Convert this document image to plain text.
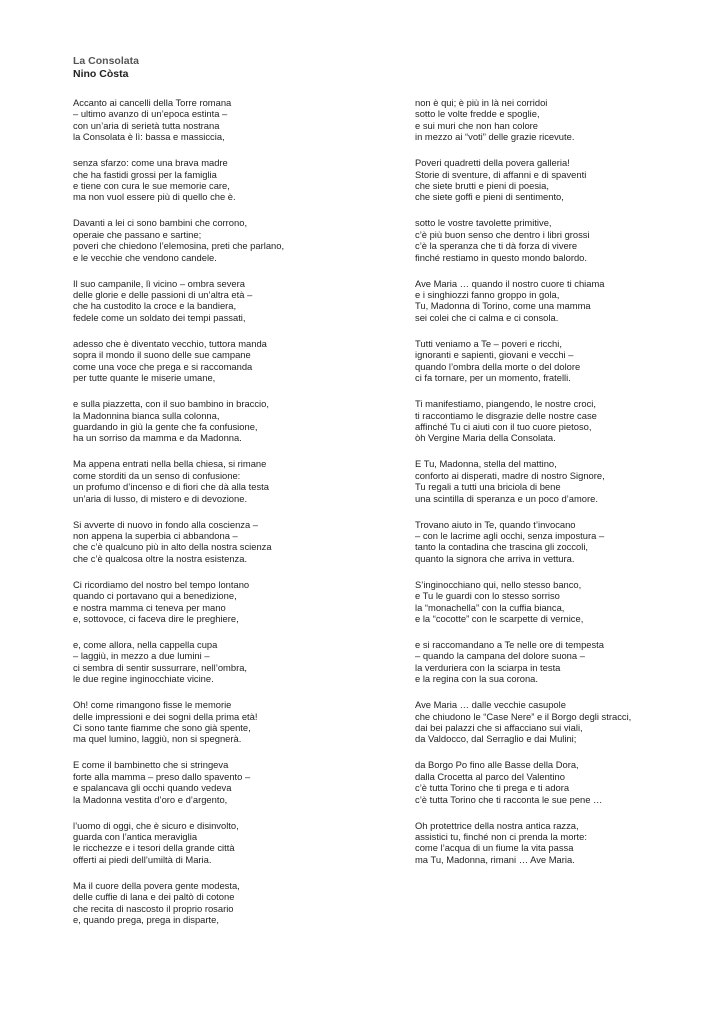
La Consolata
Nino Còsta
Accanto ai cancelli della Torre romana
– ultimo avanzo di un’epoca estinta –
con un’aria di serietà tutta nostrana
la Consolata è lì: bassa e massiccia,
senza sfarzo: come una brava madre
che ha fastidi grossi per la famiglia
e tiene con cura le sue memorie care,
ma non vuol essere più di quello che è.
Davanti a lei ci sono bambini che corrono,
operaie che passano e sartine;
poveri che chiedono l’elemosina, preti che parlano,
e le vecchie che vendono candele.
Il suo campanile, lì vicino – ombra severa
delle glorie e delle passioni di un’altra età –
che ha custodito la croce e la bandiera,
fedele come un soldato dei tempi passati,
adesso che è diventato vecchio, tuttora manda
sopra il mondo il suono delle sue campane
come una voce che prega e si raccomanda
per tutte quante le miserie umane,
e sulla piazzetta, con il suo bambino in braccio,
la Madonnina bianca sulla colonna,
guardando in giù la gente che fa confusione,
ha un sorriso da mamma e da Madonna.
Ma appena entrati nella bella chiesa, si rimane
come storditi da un senso di confusione:
un profumo d’incenso e di fiori che dà alla testa
un’aria di lusso, di mistero e di devozione.
Si avverte di nuovo in fondo alla coscienza –
non appena la superbia ci abbandona –
che c’è qualcuno più in alto della nostra scienza
che c’è qualcosa oltre la nostra esistenza.
Ci ricordiamo del nostro bel tempo lontano
quando ci portavano qui a benedizione,
e nostra mamma ci teneva per mano
e, sottovoce, ci faceva dire le preghiere,
e, come allora, nella cappella cupa
– laggiù, in mezzo a due lumini –
ci sembra di sentir sussurrare, nell’ombra,
le due regine inginocchiate vicine.
Oh! come rimangono fisse le memorie
delle impressioni e dei sogni della prima età!
Ci sono tante fiamme che sono già spente,
ma quel lumino, laggiù, non si spegnerà.
E come il bambinetto che si stringeva
forte alla mamma – preso dallo spavento –
e spalancava gli occhi quando vedeva
la Madonna vestita d’oro e d’argento,
l’uomo di oggi, che è sicuro e disinvolto,
guarda con l’antica meraviglia
le ricchezze e i tesori della grande città
offerti ai piedi dell’umiltà di Maria.
Ma il cuore della povera gente modesta,
delle cuffie di lana e dei paltò di cotone
che recita di nascosto il proprio rosario
e, quando prega, prega in disparte,
non è qui; è più in là nei corridoi
sotto le volte fredde e spoglie,
e sui muri che non han colore
in mezzo ai “voti” delle grazie ricevute.
Poveri quadretti della povera galleria!
Storie di sventure, di affanni e di spaventi
che siete brutti e pieni di poesia,
che siete goffi e pieni di sentimento,
sotto le vostre tavolette primitive,
c’è più buon senso che dentro i libri grossi
c’è la speranza che ti dà forza di vivere
finché restiamo in questo mondo balordo.
Ave Maria … quando il nostro cuore ti chiama
e i singhiozzi fanno groppo in gola,
Tu, Madonna di Torino, come una mamma
sei colei che ci calma e ci consola.
Tutti veniamo a Te – poveri e ricchi,
ignoranti e sapienti, giovani e vecchi –
quando l’ombra della morte o del dolore
ci fa tornare, per un momento, fratelli.
Ti manifestiamo, piangendo, le nostre croci,
ti raccontiamo le disgrazie delle nostre case
affinché Tu ci aiuti con il tuo cuore pietoso,
òh Vergine Maria della Consolata.
E Tu, Madonna, stella del mattino,
conforto ai disperati, madre di nostro Signore,
Tu regali a tutti una briciola di bene
una scintilla di speranza e un poco d’amore.
Trovano aiuto in Te, quando t’invocano
– con le lacrime agli occhi, senza impostura –
tanto la contadina che trascina gli zoccoli,
quanto la signora che arriva in vettura.
S’inginocchiano qui, nello stesso banco,
e Tu le guardi con lo stesso sorriso
la “monachella” con la cuffia bianca,
e la “cocotte” con le scarpette di vernice,
e si raccomandano a Te nelle ore di tempesta
– quando la campana del dolore suona –
la verduriera con la sciarpa in testa
e la regina con la sua corona.
Ave Maria … dalle vecchie casupole
che chiudono le “Case Nere” e il Borgo degli stracci,
dai bei palazzi che si affacciano sui viali,
da Valdocco, dal Serraglio e dai Mulini;
da Borgo Po fino alle Basse della Dora,
dalla Crocetta al parco del Valentino
c’è tutta Torino che ti prega e ti adora
c’è tutta Torino che ti racconta le sue pene …
Oh protettrice della nostra antica razza,
assistici tu, finché non ci prenda la morte:
come l’acqua di un fiume la vita passa
ma Tu, Madonna, rimani … Ave Maria.
